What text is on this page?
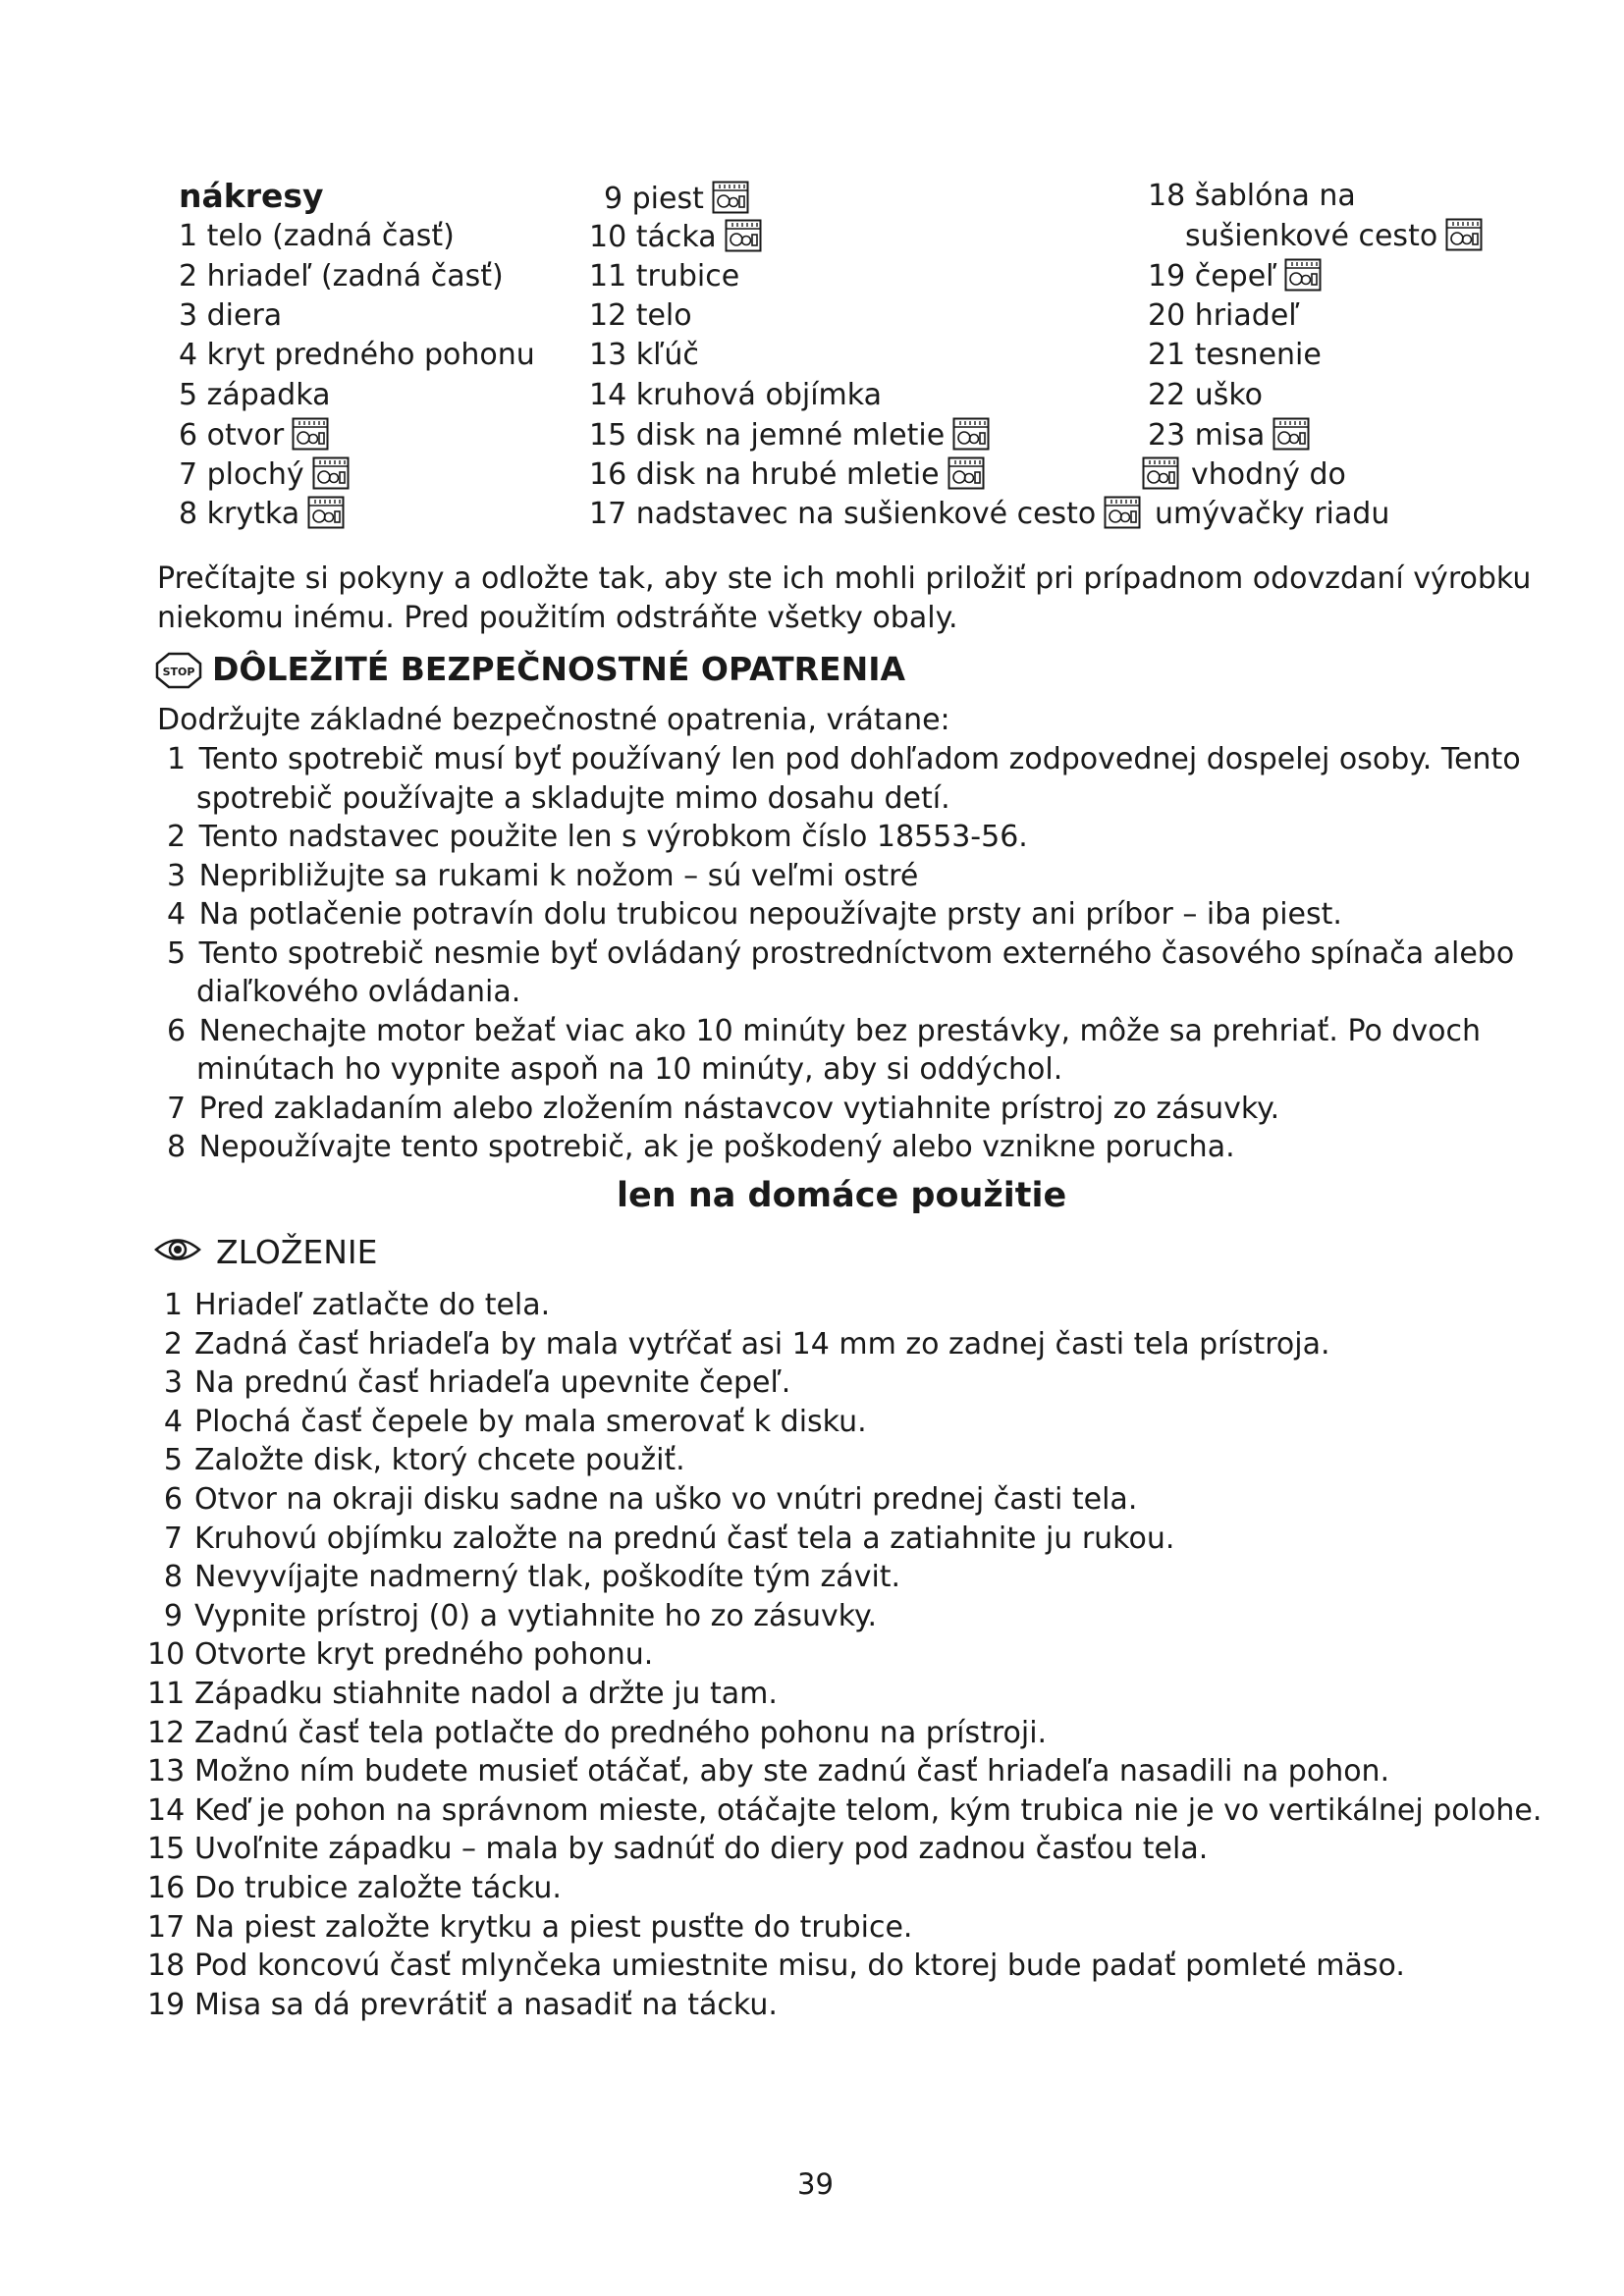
nákresy
1 telo (zadná časť)
2 hriadeľ (zadná časť)
3 diera
4 kryt predného pohonu
5 západka
6 otvor
7 plochý
8 krytka
9 piest
10 tácka
11 trubice
12 telo
13 kľúč
14 kruhová objímka
15 disk na jemné mletie
16 disk na hrubé mletie
17 nadstavec na sušienkové cesto
18 šablóna na
sušienkové cesto
19 čepeľ
20 hriadeľ
21 tesnenie
22 uško
23 misa
vhodný do
umývačky riadu
Prečítajte si pokyny a odložte tak, aby ste ich mohli priložiť pri prípadnom odovzdaní výrobku
niekomu inému. Pred použitím odstráňte všetky obaly.
STOP DÔLEŽITÉ BEZPEČNOSTNÉ OPATRENIA
Dodržujte základné bezpečnostné opatrenia, vrátane:
1 Tento spotrebič musí byť používaný len pod dohľadom zodpovednej dospelej osoby. Tento
spotrebič používajte a skladujte mimo dosahu detí.
2 Tento nadstavec použite len s výrobkom číslo 18553-56.
3 Nepribližujte sa rukami k nožom – sú veľmi ostré
4 Na potlačenie potravín dolu trubicou nepoužívajte prsty ani príbor – iba piest.
5 Tento spotrebič nesmie byť ovládaný prostredníctvom externého časového spínača alebo
diaľkového ovládania.
6 Nenechajte motor bežať viac ako 10 minúty bez prestávky, môže sa prehriať. Po dvoch
minútach ho vypnite aspoň na 10 minúty, aby si oddýchol.
7 Pred zakladaním alebo zložením nástavcov vytiahnite prístroj zo zásuvky.
8 Nepoužívajte tento spotrebič, ak je poškodený alebo vznikne porucha.
len na domáce použitie
ZLOŽENIE
1 Hriadeľ zatlačte do tela.
2 Zadná časť hriadeľa by mala vytŕčať asi 14 mm zo zadnej časti tela prístroja.
3 Na prednú časť hriadeľa upevnite čepeľ.
4 Plochá časť čepele by mala smerovať k disku.
5 Založte disk, ktorý chcete použiť.
6 Otvor na okraji disku sadne na uško vo vnútri prednej časti tela.
7 Kruhovú objímku založte na prednú časť tela a zatiahnite ju rukou.
8 Nevyvíjajte nadmerný tlak, poškodíte tým závit.
9 Vypnite prístroj (0) a vytiahnite ho zo zásuvky.
10 Otvorte kryt predného pohonu.
11 Západku stiahnite nadol a držte ju tam.
12 Zadnú časť tela potlačte do predného pohonu na prístroji.
13 Možno ním budete musieť otáčať, aby ste zadnú časť hriadeľa nasadili na pohon.
14 Keď je pohon na správnom mieste, otáčajte telom, kým trubica nie je vo vertikálnej polohe.
15 Uvoľnite západku – mala by sadnúť do diery pod zadnou časťou tela.
16 Do trubice založte tácku.
17 Na piest založte krytku a piest pusťte do trubice.
18 Pod koncovú časť mlynčeka umiestnite misu, do ktorej bude padať pomleté mäso.
19 Misa sa dá prevrátiť a nasadiť na tácku.
39
